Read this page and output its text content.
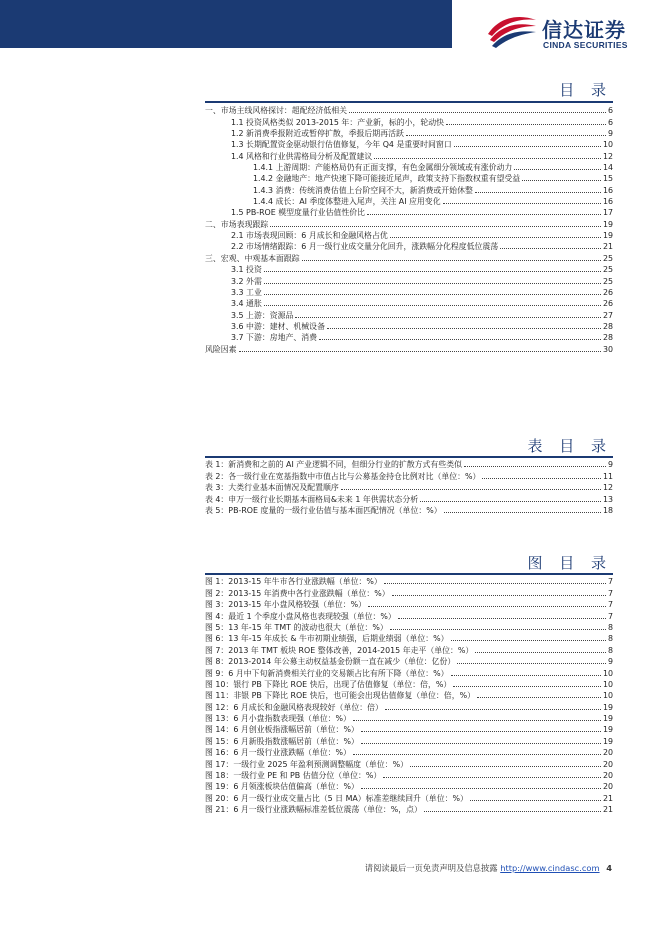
信达证券
CINDA SECURITIES
目 录
一、市场主线风格探讨：超配经济低相关	6
1.1 投资风格类似 2013-2015 年：产业新，标的小，轮动快	6
1.2 新消费季报附近或暂停扩散，季报后期再活跃	9
1.3 长期配置资金驱动银行估值修复，今年 Q4 是重要时间窗口	10
1.4 风格和行业供需格局分析及配置建议	12
1.4.1 上游周期：产能格局仍有正面支撑，有色金属细分领域或有涨价动力	14
1.4.2 金融地产：地产快速下降可能接近尾声，政策支持下指数权重有望受益	15
1.4.3 消费：传统消费估值上台阶空间不大，新消费或开始休整	16
1.4.4 成长：AI 季度体整进入尾声，关注 AI 应用变化	16
1.5 PB-ROE 模型度量行业估值性价比	17
二、市场表现跟踪	19
2.1 市场表现回顾：6 月成长和金融风格占优	19
2.2 市场情绪跟踪：6 月一级行业成交量分化回升，涨跌幅分化程度低位震荡	21
三、宏观、中观基本面跟踪	25
3.1 投资	25
3.2 外需	25
3.3 工业	26
3.4 通胀	26
3.5 上游：资源品	27
3.6 中游：建材、机械设备	28
3.7 下游：房地产、消费	28
风险因素	30
表 目 录
表 1：新消费和之前的 AI 产业逻辑不同，但细分行业的扩散方式有些类似	9
表 2：各一级行业在宽基指数中市值占比与公募基金持仓比例对比（单位：%）	11
表 3：大类行业基本面情况及配置顺序	12
表 4：申万一级行业长期基本面格局&未来 1 年供需状态分析	13
表 5：PB-ROE 度量的一级行业估值与基本面匹配情况（单位：%）	18
图 目 录
图 1：2013-15 年牛市各行业涨跌幅（单位：%）	7
图 2：2013-15 年消费中各行业涨跌幅（单位：%）	7
图 3：2013-15 年小盘风格较强（单位：%）	7
图 4：最近 1 个季度小盘风格也表现较强（单位：%）	7
图 5：13 年-15 年 TMT 的波动也很大（单位：%）	8
图 6：13 年-15 年成长 & 牛市初期业绩强，后期业绩弱（单位：%）	8
图 7：2013 年 TMT 板块 ROE 整体改善，2014-2015 年走平（单位：%）	8
图 8：2013-2014 年公募主动权益基金份额一直在减少（单位：亿份）	9
图 9：6 月中下旬新消费相关行业的交易额占比有所下降（单位：%）	10
图 10：银行 PB 下降比 ROE 快后，出现了估值修复（单位：倍，%）	10
图 11：非银 PB 下降比 ROE 快后，也可能会出现估值修复（单位：倍，%）	10
图 12：6 月成长和金融风格表现较好（单位：倍）	19
图 13：6 月小盘指数表现强（单位：%）	19
图 14：6 月创业板指涨幅居前（单位：%）	19
图 15：6 月新股指数涨幅居前（单位：%）	19
图 16：6 月一级行业涨跌幅（单位：%）	20
图 17：一级行业 2025 年盈利预测调整幅度（单位：%）	20
图 18：一级行业 PE 和 PB 估值分位（单位：%）	20
图 19：6 月领涨板块估值偏高（单位：%）	20
图 20：6 月一级行业成交量占比（5 日 MA）标准差继续回升（单位：%）	21
图 21：6 月一级行业涨跌幅标准差低位震荡（单位：%，点）	21
请阅读最后一页免责声明及信息披露 http://www.cindasc.com 4
